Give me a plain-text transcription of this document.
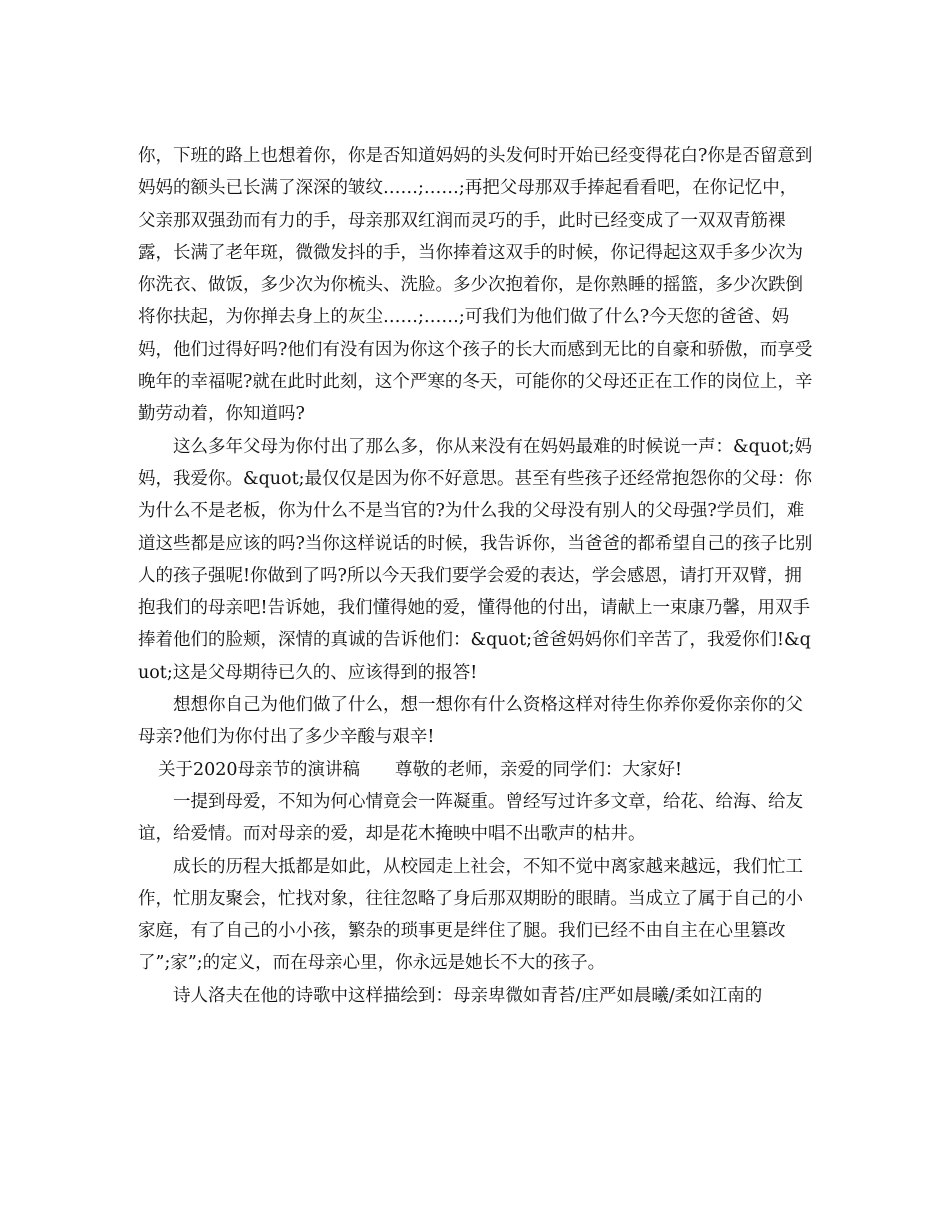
你，下班的路上也想着你，你是否知道妈妈的头发何时开始已经变得花白?你是否留意到妈妈的额头已长满了深深的皱纹……;……;再把父母那双手捧起看看吧，在你记忆中，父亲那双强劲而有力的手，母亲那双红润而灵巧的手，此时已经变成了一双双青筋裸露，长满了老年斑，微微发抖的手，当你捧着这双手的时候，你记得起这双手多少次为你洗衣、做饭，多少次为你梳头、洗脸。多少次抱着你，是你熟睡的摇篮，多少次跌倒将你扶起，为你掸去身上的灰尘……;……;可我们为他们做了什么?今天您的爸爸、妈妈，他们过得好吗?他们有没有因为你这个孩子的长大而感到无比的自豪和骄傲，而享受晚年的幸福呢?就在此时此刻，这个严寒的冬天，可能你的父母还正在工作的岗位上，辛勤劳动着，你知道吗?

这么多年父母为你付出了那么多，你从来没有在妈妈最难的时候说一声：&quot;妈妈，我爱你。&quot;最仅仅是因为你不好意思。甚至有些孩子还经常抱怨你的父母：你为什么不是老板，你为什么不是当官的?为什么我的父母没有别人的父母强?学员们，难道这些都是应该的吗?当你这样说话的时候，我告诉你，当爸爸的都希望自己的孩子比别人的孩子强呢!你做到了吗?所以今天我们要学会爱的表达，学会感恩，请打开双臂，拥抱我们的母亲吧!告诉她，我们懂得她的爱，懂得他的付出，请献上一束康乃馨，用双手捧着他们的脸颊，深情的真诚的告诉他们：&quot;爸爸妈妈你们辛苦了，我爱你们!&quot;这是父母期待已久的、应该得到的报答!

想想你自己为他们做了什么，想一想你有什么资格这样对待生你养你爱你亲你的父母亲?他们为你付出了多少辛酸与艰辛!

关于2020母亲节的演讲稿　　尊敬的老师，亲爱的同学们：大家好!

一提到母爱，不知为何心情竟会一阵凝重。曾经写过许多文章，给花、给海、给友谊，给爱情。而对母亲的爱，却是花木掩映中唱不出歌声的枯井。

成长的历程大抵都是如此，从校园走上社会，不知不觉中离家越来越远，我们忙工作，忙朋友聚会，忙找对象，往往忽略了身后那双期盼的眼睛。当成立了属于自己的小家庭，有了自己的小小孩，繁杂的琐事更是绊住了腿。我们已经不由自主在心里篡改了”;家”;的定义，而在母亲心里，你永远是她长不大的孩子。

诗人洛夫在他的诗歌中这样描绘到：母亲卑微如青苔/庄严如晨曦/柔如江南的
